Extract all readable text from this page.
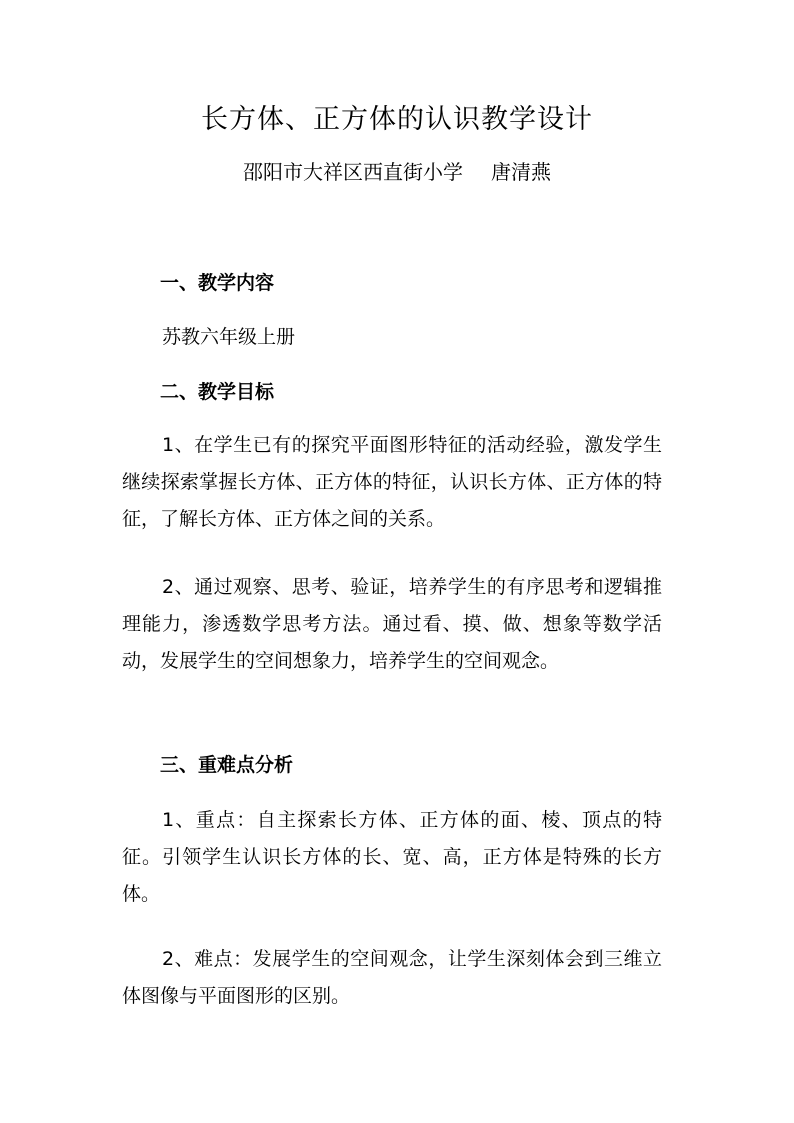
长方体、正方体的认识教学设计
邵阳市大祥区西直街小学 唐清燕
一、教学内容
苏教六年级上册
二、教学目标
1、在学生已有的探究平面图形特征的活动经验，激发学生继续探索掌握长方体、正方体的特征，认识长方体、正方体的特征，了解长方体、正方体之间的关系。
2、通过观察、思考、验证，培养学生的有序思考和逻辑推理能力，渗透数学思考方法。通过看、摸、做、想象等数学活动，发展学生的空间想象力，培养学生的空间观念。
三、重难点分析
1、重点：自主探索长方体、正方体的面、棱、顶点的特征。引领学生认识长方体的长、宽、高，正方体是特殊的长方体。
2、难点：发展学生的空间观念，让学生深刻体会到三维立体图像与平面图形的区别。
